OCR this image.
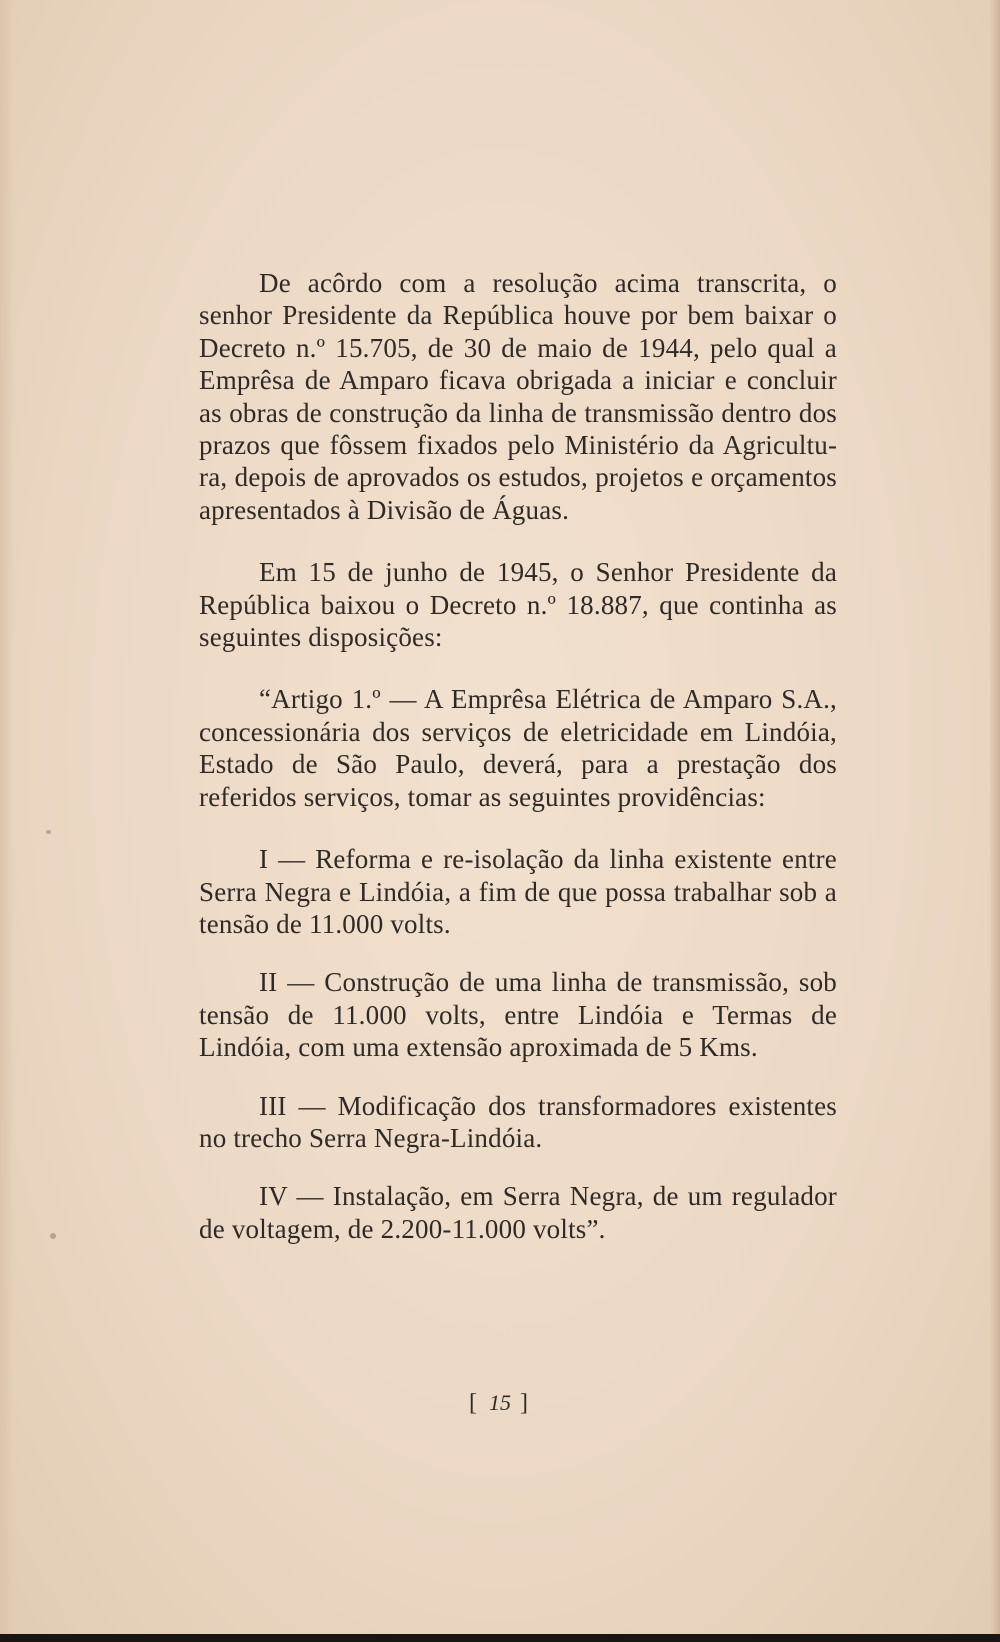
De acôrdo com a resolução acima transcrita, o senhor Presidente da República houve por bem baixar o Decreto n.º 15.705, de 30 de maio de 1944, pelo qual a Emprêsa de Amparo ficava obrigada a iniciar e concluir as obras de construção da linha de transmissão dentro dos prazos que fôssem fixados pelo Ministério da Agricultura, depois de aprovados os estudos, projetos e orçamentos apresentados à Divisão de Águas.

Em 15 de junho de 1945, o Senhor Presidente da República baixou o Decreto n.º 18.887, que continha as seguintes disposições:

“Artigo 1.º — A Emprêsa Elétrica de Amparo S.A., concessionária dos serviços de eletricidade em Lindóia, Estado de São Paulo, deverá, para a prestação dos referidos serviços, tomar as seguintes providências:

I — Reforma e re-isolação da linha existente entre Serra Negra e Lindóia, a fim de que possa trabalhar sob a tensão de 11.000 volts.

II — Construção de uma linha de transmissão, sob tensão de 11.000 volts, entre Lindóia e Termas de Lindóia, com uma extensão aproximada de 5 Kms.

III — Modificação dos transformadores existentes no trecho Serra Negra-Lindóia.

IV — Instalação, em Serra Negra, de um regulador de voltagem, de 2.200-11.000 volts”.

[ 15 ]
